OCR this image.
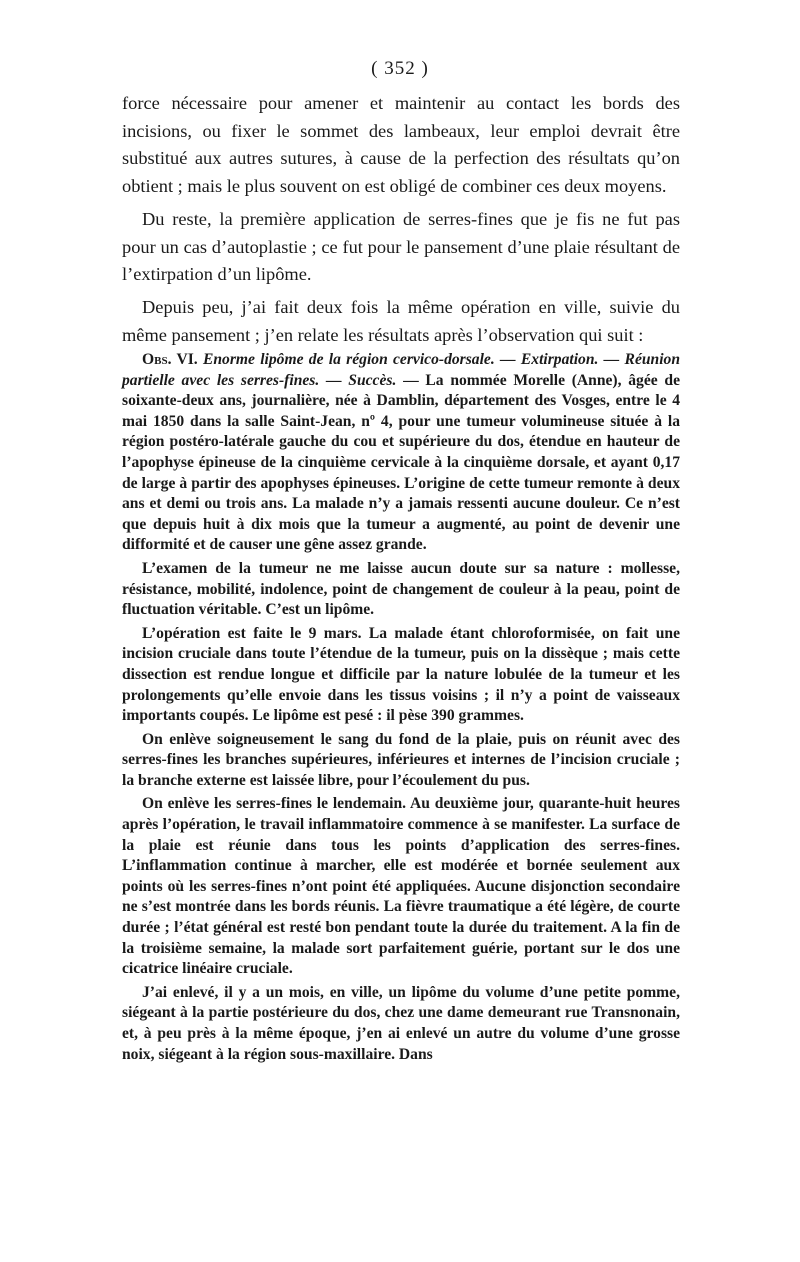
( 352 )

force nécessaire pour amener et maintenir au contact les bords des incisions, ou fixer le sommet des lambeaux, leur emploi devrait être substitué aux autres sutures, à cause de la perfection des résultats qu’on obtient ; mais le plus souvent on est obligé de combiner ces deux moyens.

Du reste, la première application de serres-fines que je fis ne fut pas pour un cas d’autoplastie ; ce fut pour le pansement d’une plaie résultant de l’extirpation d’un lipôme.

Depuis peu, j’ai fait deux fois la même opération en ville, suivie du même pansement ; j’en relate les résultats après l’observation qui suit :

Obs. VI. Enorme lipôme de la région cervico-dorsale. — Extirpation. — Réunion partielle avec les serres-fines. — Succès. — La nommée Morelle (Anne), âgée de soixante-deux ans, journalière, née à Damblin, département des Vosges, entre le 4 mai 1850 dans la salle Saint-Jean, nº 4, pour une tumeur volumineuse située à la région postéro-latérale gauche du cou et supérieure du dos, étendue en hauteur de l’apophyse épineuse de la cinquième cervicale à la cinquième dorsale, et ayant 0,17 de large à partir des apophyses épineuses. L’origine de cette tumeur remonte à deux ans et demi ou trois ans. La malade n’y a jamais ressenti aucune douleur. Ce n’est que depuis huit à dix mois que la tumeur a augmenté, au point de devenir une difformité et de causer une gêne assez grande.

L’examen de la tumeur ne me laisse aucun doute sur sa nature : mollesse, résistance, mobilité, indolence, point de changement de couleur à la peau, point de fluctuation véritable. C’est un lipôme.

L’opération est faite le 9 mars. La malade étant chloroformisée, on fait une incision cruciale dans toute l’étendue de la tumeur, puis on la dissèque ; mais cette dissection est rendue longue et difficile par la nature lobulée de la tumeur et les prolongements qu’elle envoie dans les tissus voisins ; il n’y a point de vaisseaux importants coupés. Le lipôme est pesé : il pèse 390 grammes.

On enlève soigneusement le sang du fond de la plaie, puis on réunit avec des serres-fines les branches supérieures, inférieures et internes de l’incision cruciale ; la branche externe est laissée libre, pour l’écoulement du pus.

On enlève les serres-fines le lendemain. Au deuxième jour, quarante-huit heures après l’opération, le travail inflammatoire commence à se manifester. La surface de la plaie est réunie dans tous les points d’application des serres-fines. L’inflammation continue à marcher, elle est modérée et bornée seulement aux points où les serres-fines n’ont point été appliquées. Aucune disjonction secondaire ne s’est montrée dans les bords réunis. La fièvre traumatique a été légère, de courte durée ; l’état général est resté bon pendant toute la durée du traitement. A la fin de la troisième semaine, la malade sort parfaitement guérie, portant sur le dos une cicatrice linéaire cruciale.

J’ai enlevé, il y a un mois, en ville, un lipôme du volume d’une petite pomme, siégeant à la partie postérieure du dos, chez une dame demeurant rue Transnonain, et, à peu près à la même époque, j’en ai enlevé un autre du volume d’une grosse noix, siégeant à la région sous-maxillaire. Dans
